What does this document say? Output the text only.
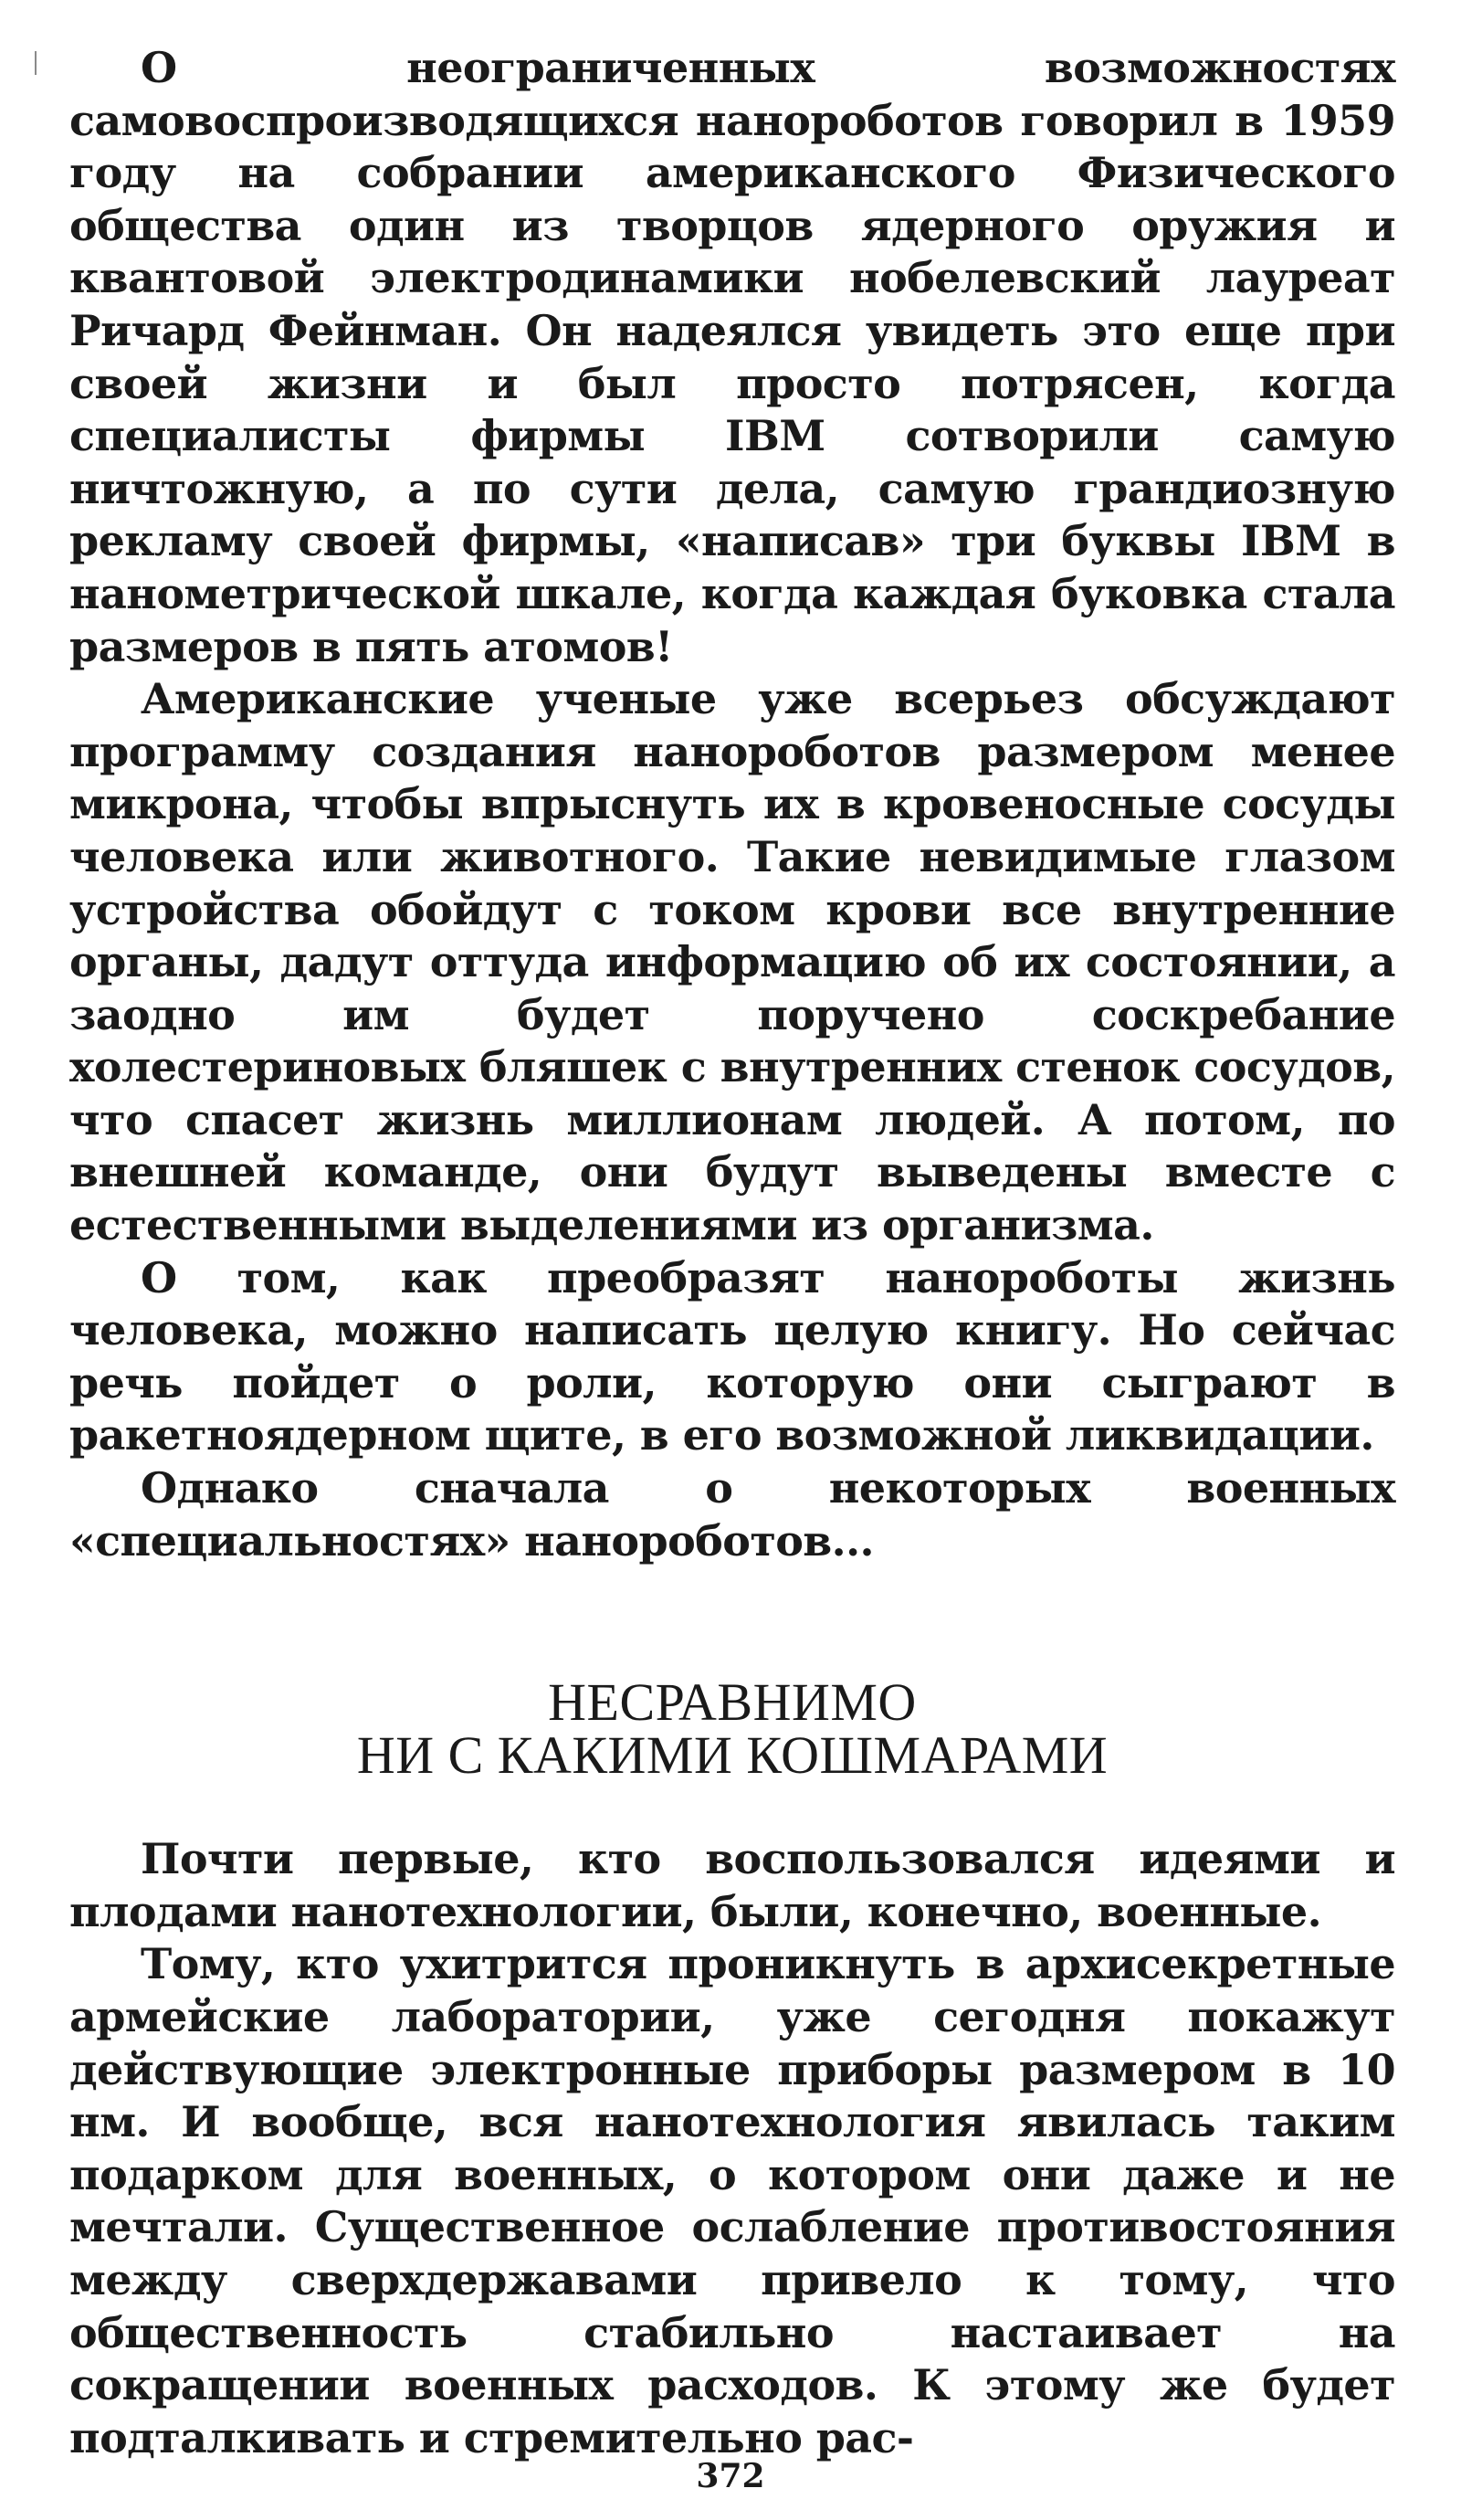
О неограниченных возможностях самовоспроизводящихся нанороботов говорил в 1959 году на собрании американского Физического общества один из творцов ядерного оружия и квантовой электродинамики нобелевский лауреат Ричард Фейнман. Он надеялся увидеть это еще при своей жизни и был просто потрясен, когда специалисты фирмы IBM сотворили самую ничтожную, а по сути дела, самую грандиозную рекламу своей фирмы, «написав» три буквы IBM в нанометрической шкале, когда каждая буковка стала размеров в пять атомов!

Американские ученые уже всерьез обсуждают программу создания нанороботов размером менее микрона, чтобы впрыснуть их в кровеносные сосуды человека или животного. Такие невидимые глазом устройства обойдут с током крови все внутренние органы, дадут оттуда информацию об их состоянии, а заодно им будет поручено соскребание холестериновых бляшек с внутренних стенок сосудов, что спасет жизнь миллионам людей. А потом, по внешней команде, они будут выведены вместе с естественными выделениями из организма.

О том, как преобразят нанороботы жизнь человека, можно написать целую книгу. Но сейчас речь пойдет о роли, которую они сыграют в ракетноядерном щите, в его возможной ликвидации.

Однако сначала о некоторых военных «специальностях» нанороботов...

НЕСРАВНИМО
НИ С КАКИМИ КОШМАРАМИ

Почти первые, кто воспользовался идеями и плодами нанотехнологии, были, конечно, военные.

Тому, кто ухитрится проникнуть в архисекретные армейские лаборатории, уже сегодня покажут действующие электронные приборы размером в 10 нм. И вообще, вся нанотехнология явилась таким подарком для военных, о котором они даже и не мечтали. Существенное ослабление противостояния между сверхдержавами привело к тому, что общественность стабильно настаивает на сокращении военных расходов. К этому же будет подталкивать и стремительно рас-

372
